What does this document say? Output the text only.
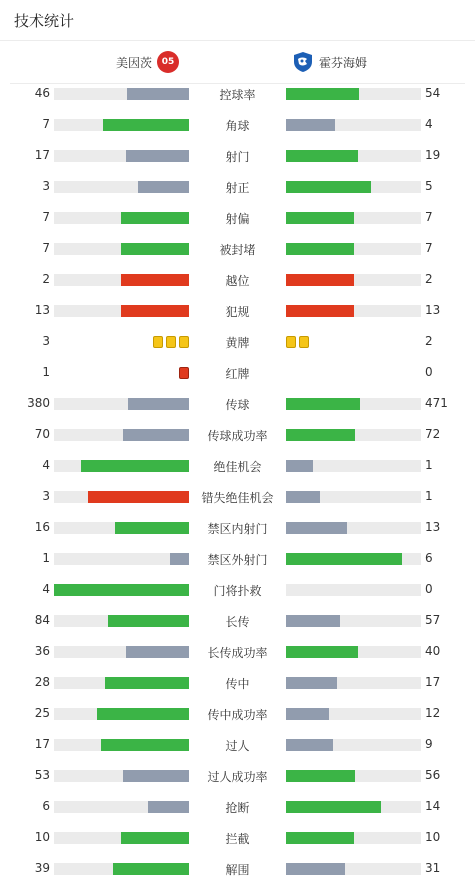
技术统计
美因茨	05	霍芬海姆
46	控球率	54
7	角球	4
17	射门	19
3	射正	5
7	射偏	7
7	被封堵	7
2	越位	2
13	犯规	13
3	黄牌	2
1	红牌	0
380	传球	471
70	传球成功率	72
4	绝佳机会	1
3	错失绝佳机会	1
16	禁区内射门	13
1	禁区外射门	6
4	门将扑救	0
84	长传	57
36	长传成功率	40
28	传中	17
25	传中成功率	12
17	过人	9
53	过人成功率	56
6	抢断	14
10	拦截	10
39	解围	31
